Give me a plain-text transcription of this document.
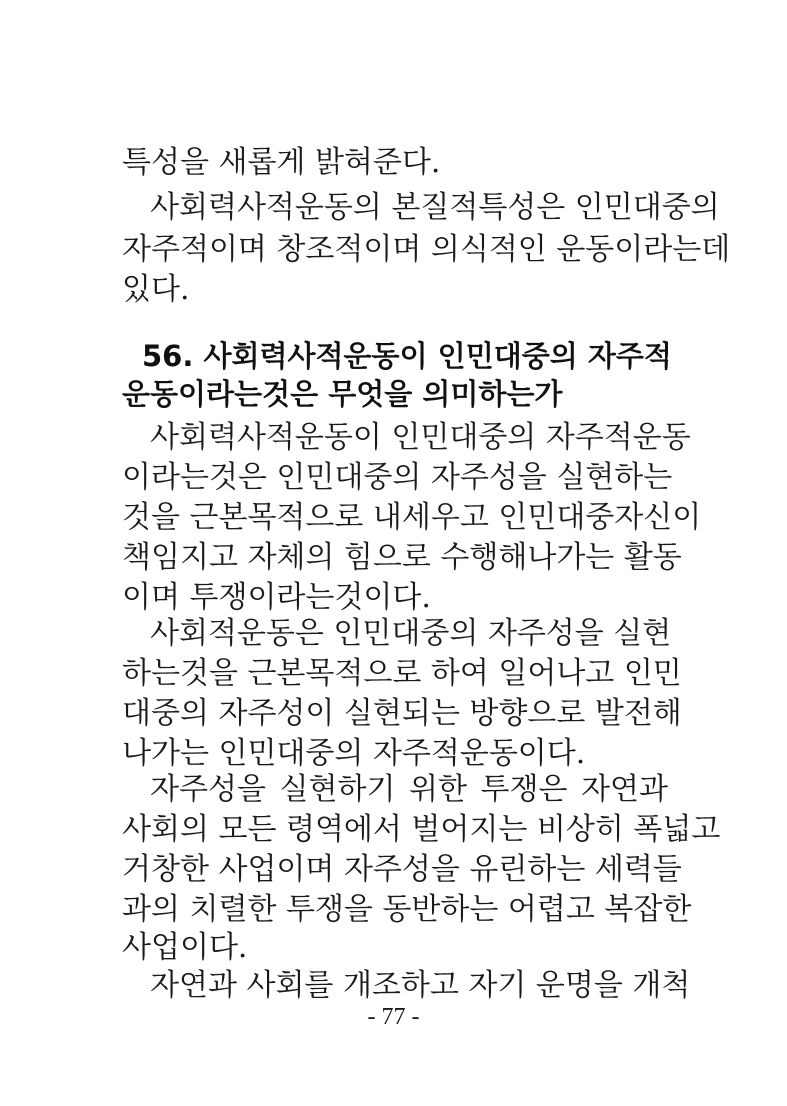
특성을 새롭게 밝혀준다.
사회력사적운동의 본질적특성은 인민대중의
자주적이며 창조적이며 의식적인 운동이라는데
있다.
56. 사회력사적운동이 인민대중의 자주적
운동이라는것은 무엇을 의미하는가
사회력사적운동이 인민대중의 자주적운동
이라는것은 인민대중의 자주성을 실현하는
것을 근본목적으로 내세우고 인민대중자신이
책임지고 자체의 힘으로 수행해나가는 활동
이며 투쟁이라는것이다.
사회적운동은 인민대중의 자주성을 실현
하는것을 근본목적으로 하여 일어나고 인민
대중의 자주성이 실현되는 방향으로 발전해
나가는 인민대중의 자주적운동이다.
자주성을 실현하기 위한 투쟁은 자연과
사회의 모든 령역에서 벌어지는 비상히 폭넓고
거창한 사업이며 자주성을 유린하는 세력들
과의 치렬한 투쟁을 동반하는 어렵고 복잡한
사업이다.
자연과 사회를 개조하고 자기 운명을 개척
- 77 -
